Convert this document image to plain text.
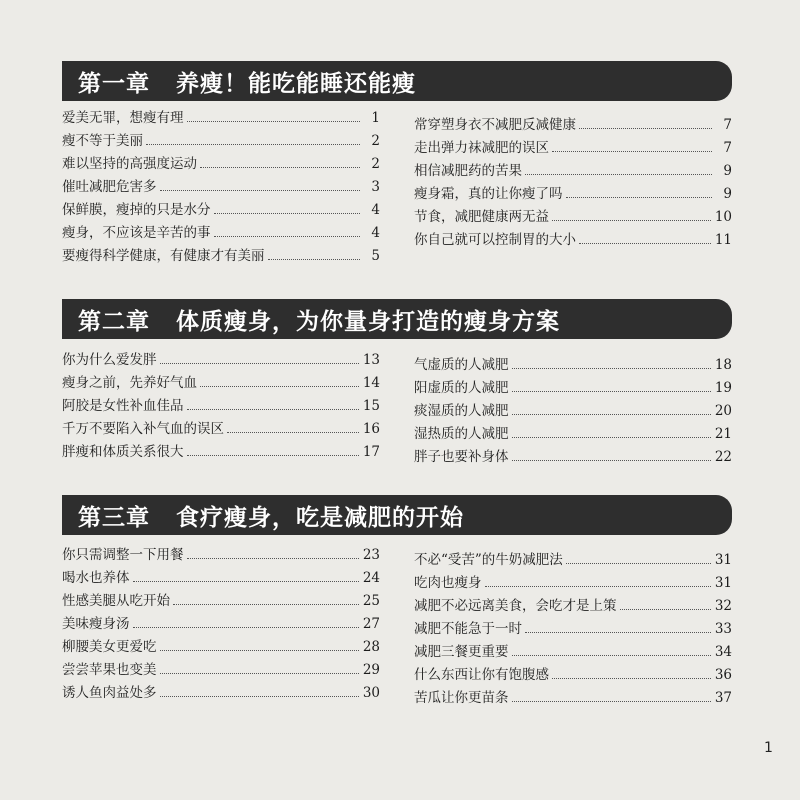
第一章 养瘦！能吃能睡还能瘦
爱美无罪，想瘦有理	1
瘦不等于美丽	2
难以坚持的高强度运动	2
催吐减肥危害多	3
保鲜膜，瘦掉的只是水分	4
瘦身，不应该是辛苦的事	4
要瘦得科学健康，有健康才有美丽	5
常穿塑身衣不减肥反减健康	7
走出弹力袜减肥的误区	7
相信减肥药的苦果	9
瘦身霜，真的让你瘦了吗	9
节食，减肥健康两无益	10
你自己就可以控制胃的大小	11
第二章 体质瘦身，为你量身打造的瘦身方案
你为什么爱发胖	13
瘦身之前，先养好气血	14
阿胶是女性补血佳品	15
千万不要陷入补气血的误区	16
胖瘦和体质关系很大	17
气虚质的人减肥	18
阳虚质的人减肥	19
痰湿质的人减肥	20
湿热质的人减肥	21
胖子也要补身体	22
第三章 食疗瘦身，吃是减肥的开始
你只需调整一下用餐	23
喝水也养体	24
性感美腿从吃开始	25
美味瘦身汤	27
柳腰美女更爱吃	28
尝尝苹果也变美	29
诱人鱼肉益处多	30
不必“受苦”的牛奶减肥法	31
吃肉也瘦身	31
减肥不必远离美食，会吃才是上策	32
减肥不能急于一时	33
减肥三餐更重要	34
什么东西让你有饱腹感	36
苦瓜让你更苗条	37
1
